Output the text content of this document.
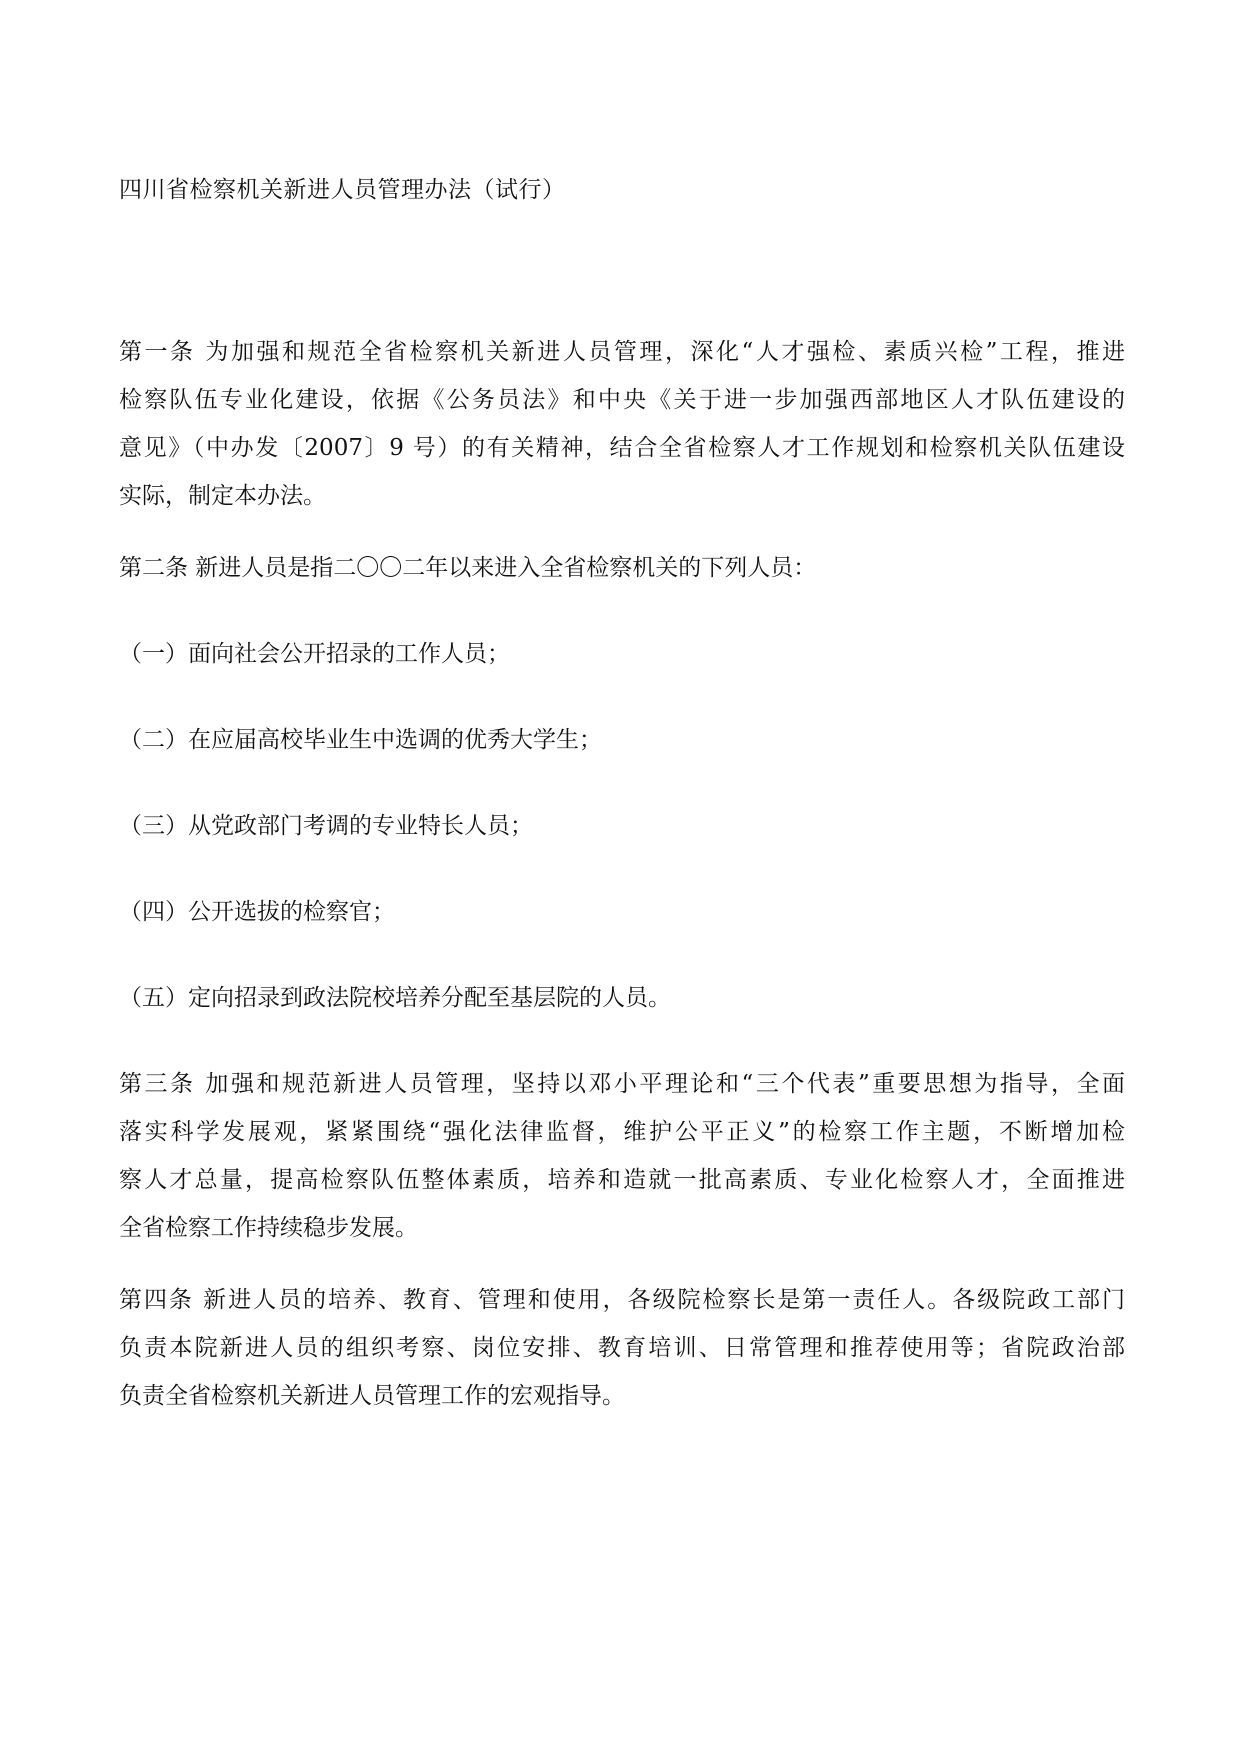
四川省检察机关新进人员管理办法（试行）
第一条 为加强和规范全省检察机关新进人员管理，深化“人才强检、素质兴检”工程，推进
检察队伍专业化建设，依据《公务员法》和中央《关于进一步加强西部地区人才队伍建设的
意见》（中办发〔2007〕9 号）的有关精神，结合全省检察人才工作规划和检察机关队伍建设
实际，制定本办法。
第二条 新进人员是指二〇〇二年以来进入全省检察机关的下列人员：
（一）面向社会公开招录的工作人员；
（二）在应届高校毕业生中选调的优秀大学生；
（三）从党政部门考调的专业特长人员；
（四）公开选拔的检察官；
（五）定向招录到政法院校培养分配至基层院的人员。
第三条 加强和规范新进人员管理，坚持以邓小平理论和“三个代表”重要思想为指导，全面
落实科学发展观，紧紧围绕“强化法律监督，维护公平正义”的检察工作主题，不断增加检
察人才总量，提高检察队伍整体素质，培养和造就一批高素质、专业化检察人才，全面推进
全省检察工作持续稳步发展。
第四条 新进人员的培养、教育、管理和使用，各级院检察长是第一责任人。各级院政工部门
负责本院新进人员的组织考察、岗位安排、教育培训、日常管理和推荐使用等；省院政治部
负责全省检察机关新进人员管理工作的宏观指导。
